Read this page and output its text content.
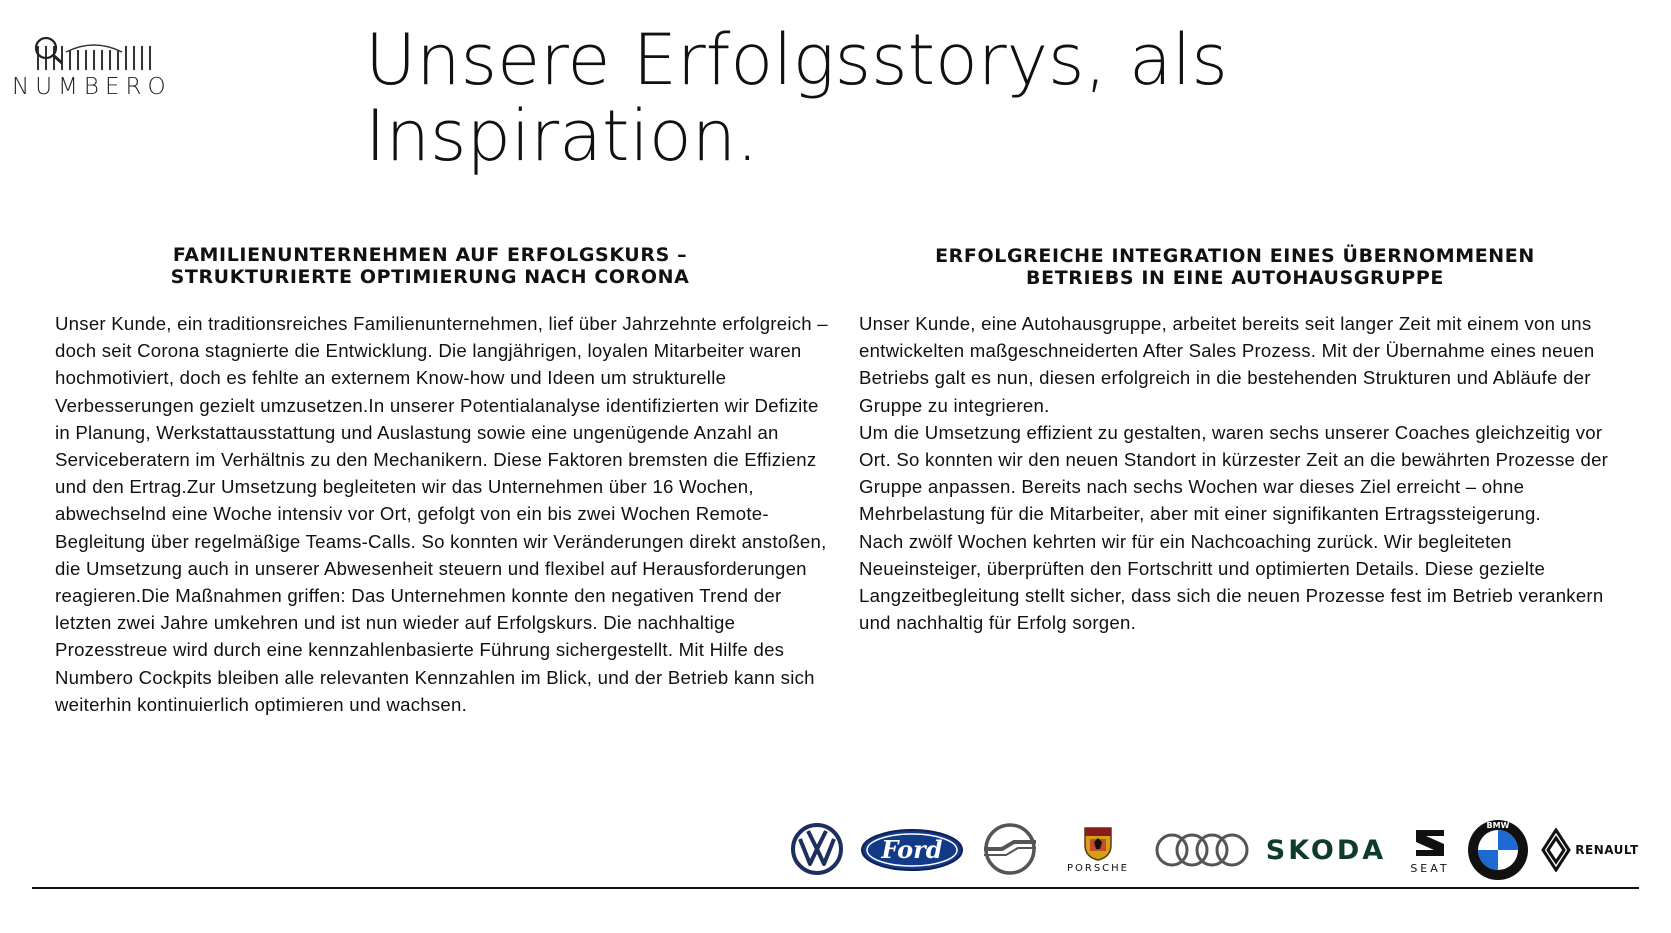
NUMBERO	Unsere Erfolgsstorys, als
Inspiration.
FAMILIENUNTERNEHMEN AUF ERFOLGSKURS –
STRUKTURIERTE OPTIMIERUNG NACH CORONA

Unser Kunde, ein traditionsreiches Familienunternehmen, lief über Jahrzehnte erfolgreich – doch seit Corona stagnierte die Entwicklung. Die langjährigen, loyalen Mitarbeiter waren hochmotiviert, doch es fehlte an externem Know-how und Ideen um strukturelle Verbesserungen gezielt umzusetzen.In unserer Potentialanalyse identifizierten wir Defizite in Planung, Werkstattausstattung und Auslastung sowie eine ungenügende Anzahl an Serviceberatern im Verhältnis zu den Mechanikern. Diese Faktoren bremsten die Effizienz und den Ertrag.Zur Umsetzung begleiteten wir das Unternehmen über 16 Wochen, abwechselnd eine Woche intensiv vor Ort, gefolgt von ein bis zwei Wochen Remote-Begleitung über regelmäßige Teams-Calls. So konnten wir Veränderungen direkt anstoßen, die Umsetzung auch in unserer Abwesenheit steuern und flexibel auf Herausforderungen reagieren.Die Maßnahmen griffen: Das Unternehmen konnte den negativen Trend der letzten zwei Jahre umkehren und ist nun wieder auf Erfolgskurs. Die nachhaltige Prozesstreue wird durch eine kennzahlenbasierte Führung sichergestellt. Mit Hilfe des Numbero Cockpits bleiben alle relevanten Kennzahlen im Blick, und der Betrieb kann sich weiterhin kontinuierlich optimieren und wachsen.

ERFOLGREICHE INTEGRATION EINES ÜBERNOMMENEN
BETRIEBS IN EINE AUTOHAUSGRUPPE

Unser Kunde, eine Autohausgruppe, arbeitet bereits seit langer Zeit mit einem von uns entwickelten maßgeschneiderten After Sales Prozess. Mit der Übernahme eines neuen Betriebs galt es nun, diesen erfolgreich in die bestehenden Strukturen und Abläufe der Gruppe zu integrieren.

Um die Umsetzung effizient zu gestalten, waren sechs unserer Coaches gleichzeitig vor Ort. So konnten wir den neuen Standort in kürzester Zeit an die bewährten Prozesse der Gruppe anpassen. Bereits nach sechs Wochen war dieses Ziel erreicht – ohne Mehrbelastung für die Mitarbeiter, aber mit einer signifikanten Ertragssteigerung.

Nach zwölf Wochen kehrten wir für ein Nachcoaching zurück. Wir begleiteten Neueinsteiger, überprüften den Fortschritt und optimierten Details. Diese gezielte Langzeitbegleitung stellt sicher, dass sich die neuen Prozesse fest im Betrieb verankern und nachhaltig für Erfolg sorgen.

Ford
PORSCHE
SKODA
SEAT
BMW
RENAULT
